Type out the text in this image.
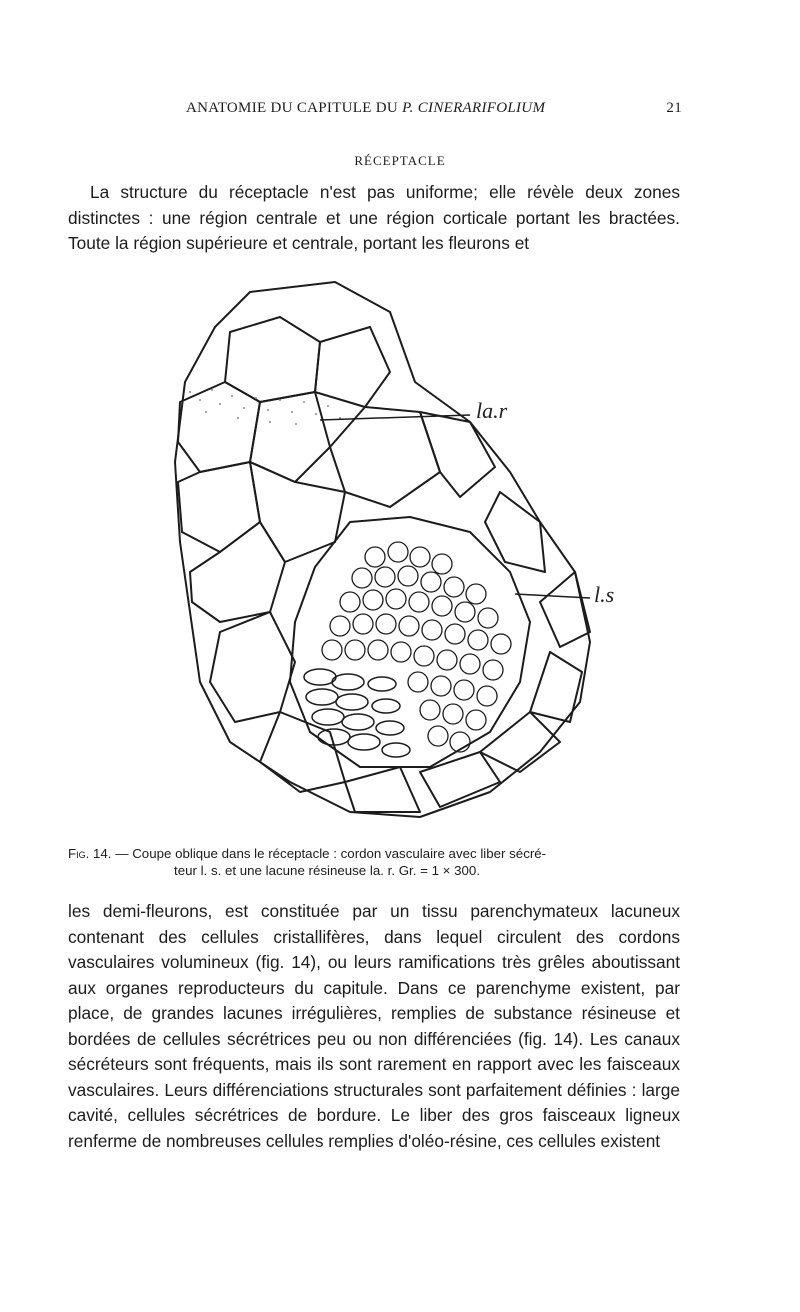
ANATOMIE DU CAPITULE DU P. CINERARIFOLIUM	21
RÉCEPTACLE

La structure du réceptacle n'est pas uniforme; elle révèle deux zones distinctes : une région centrale et une région corticale portant les bractées. Toute la région supérieure et centrale, portant les fleurons et

la.r
l.s

Fig. 14. — Coupe oblique dans le réceptacle : cordon vasculaire avec liber sécré-
teur l. s. et une lacune résineuse la. r. Gr. = 1 × 300.

les demi-fleurons, est constituée par un tissu parenchymateux lacuneux contenant des cellules cristallifères, dans lequel circulent des cordons vasculaires volumineux (fig. 14), ou leurs ramifications très grêles aboutissant aux organes reproducteurs du capitule. Dans ce parenchyme existent, par place, de grandes lacunes irrégulières, remplies de substance résineuse et bordées de cellules sécrétrices peu ou non différenciées (fig. 14). Les canaux sécréteurs sont fréquents, mais ils sont rarement en rapport avec les faisceaux vasculaires. Leurs différenciations structurales sont parfaitement définies : large cavité, cellules sécrétrices de bordure. Le liber des gros faisceaux ligneux renferme de nombreuses cellules remplies d'oléo-résine, ces cellules existent
